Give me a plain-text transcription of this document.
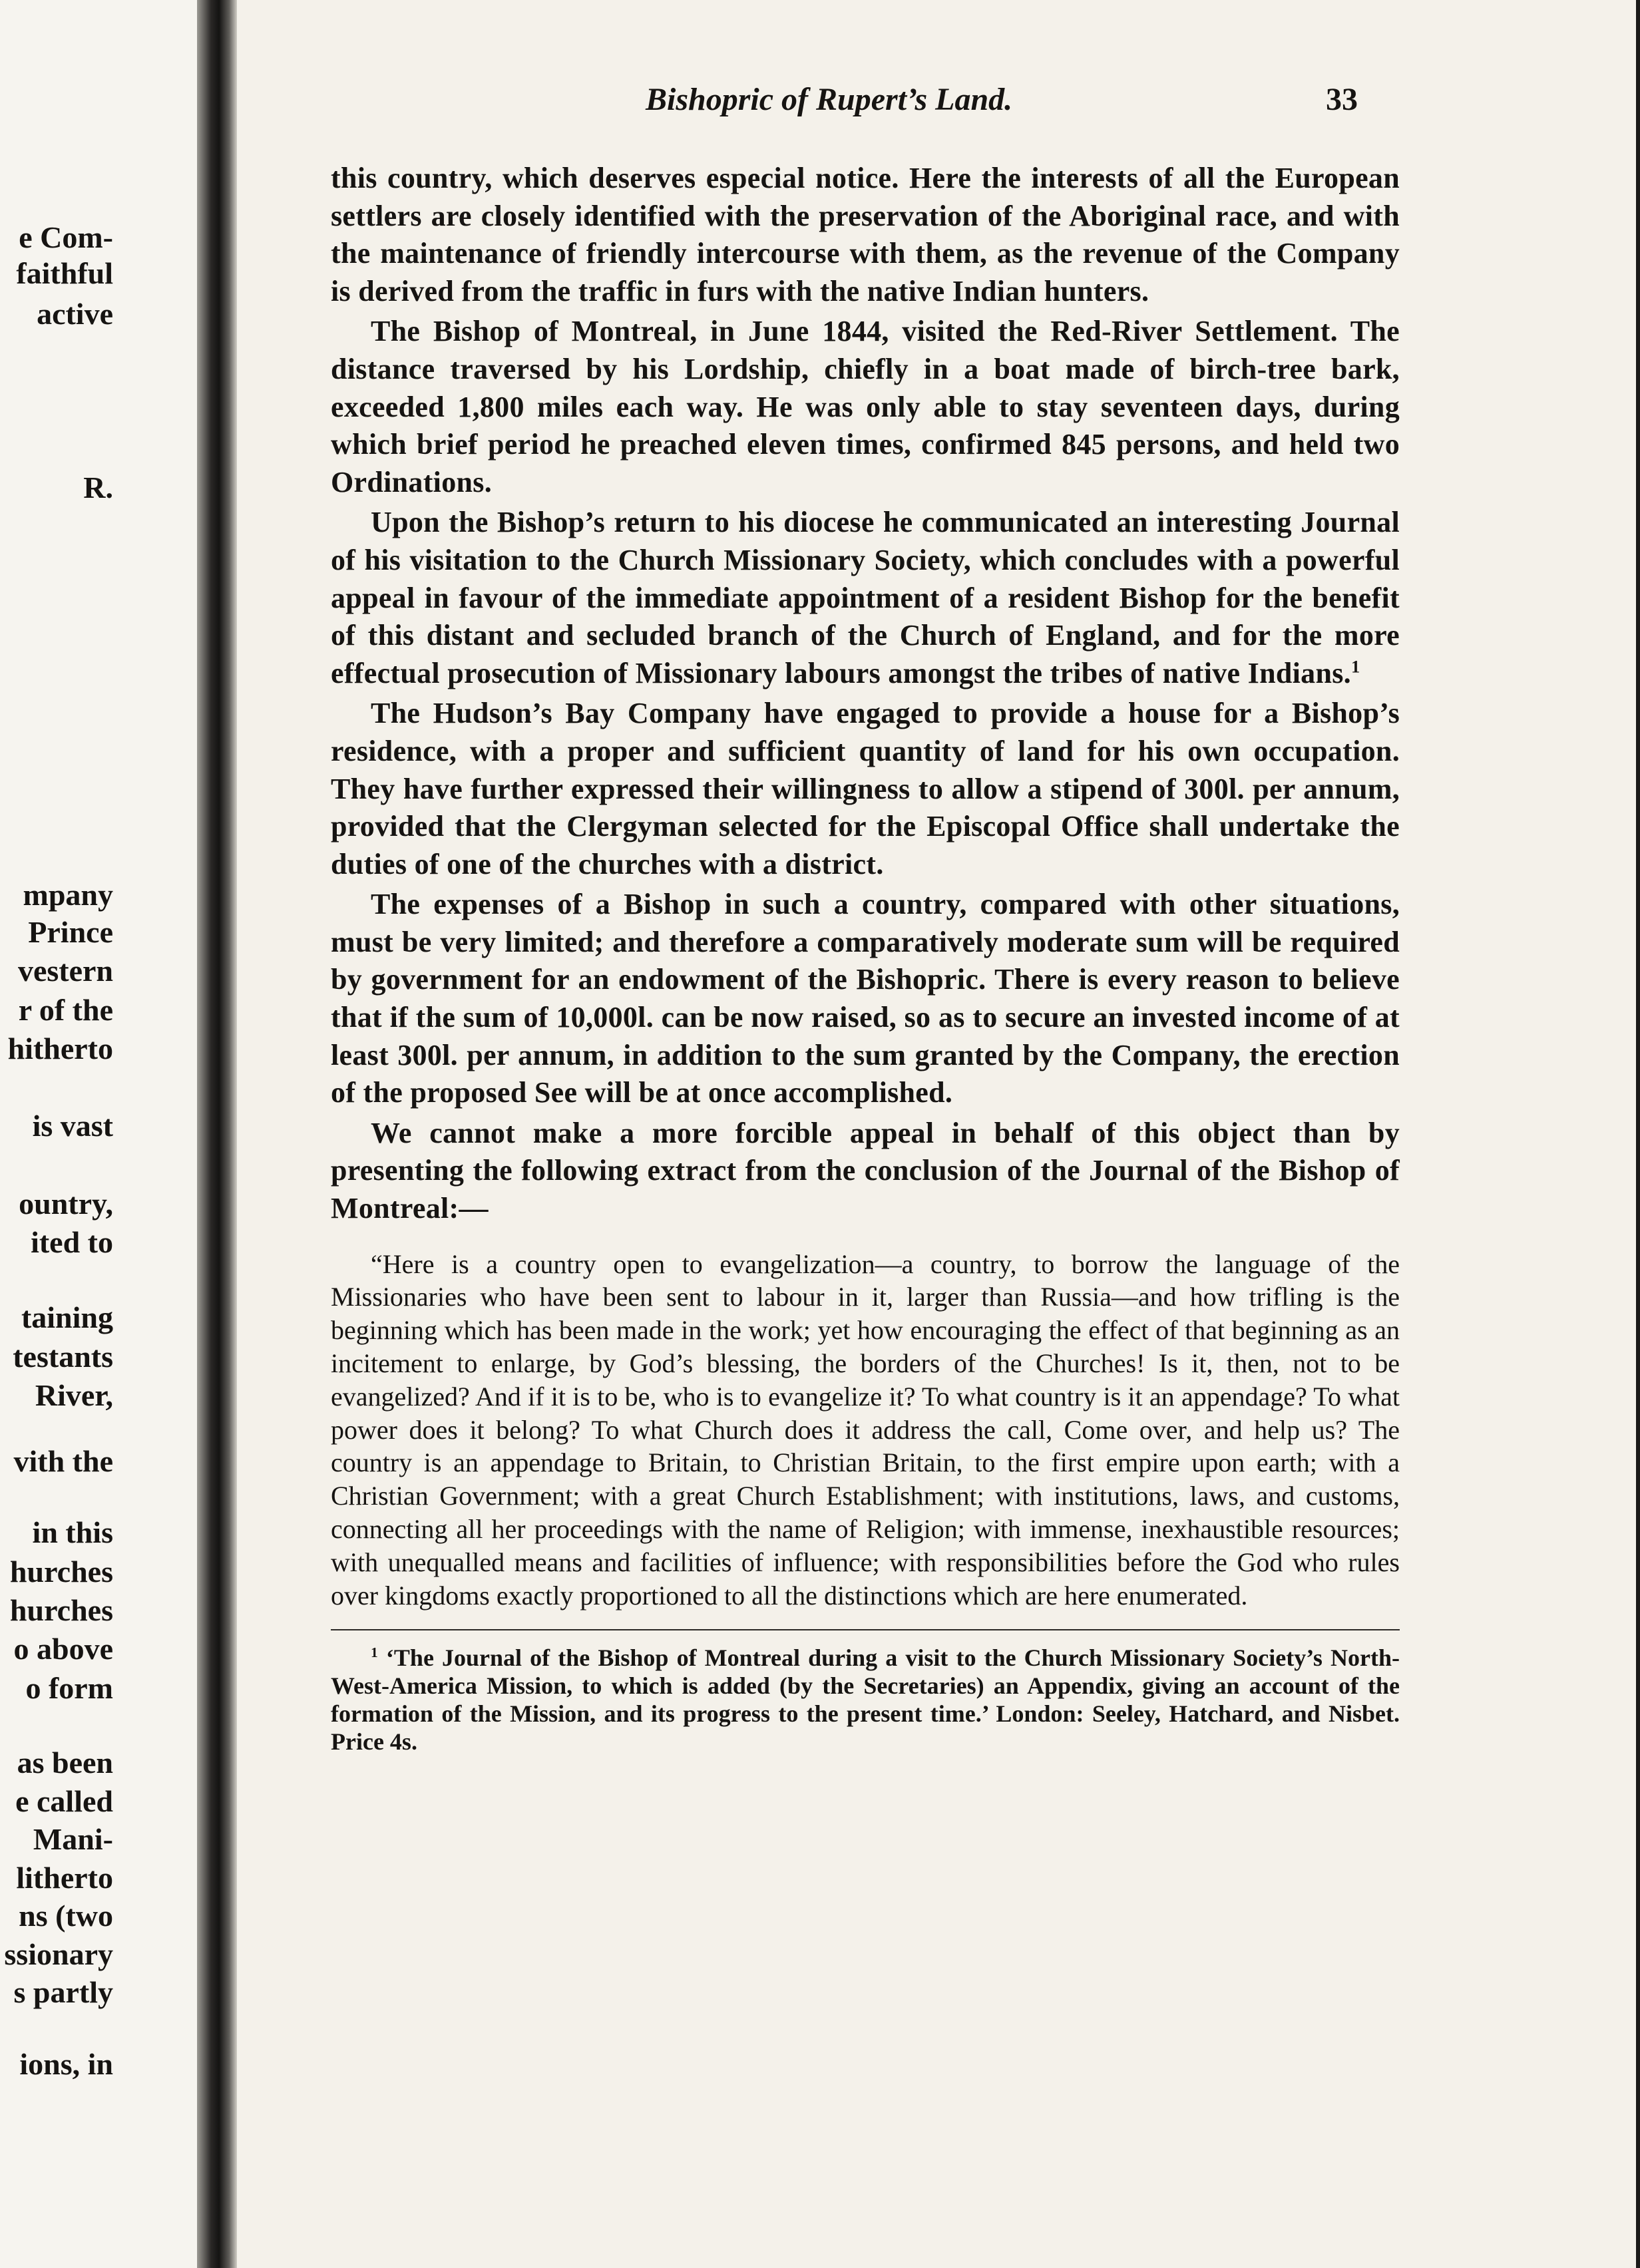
e Com-
faithful
active
R.
mpany
Prince
vestern
r of the
hitherto
is vast
ountry,
ited to
taining
testants
River,
vith the
in this
hurches
hurches
o above
o form
as been
e called
Mani-
litherto
ns (two
ssionary
s partly
ions, in
Bishopric of Rupert’s Land.	33

this country, which deserves especial notice. Here the interests of all the European settlers are closely identified with the preservation of the Aboriginal race, and with the maintenance of friendly intercourse with them, as the revenue of the Company is derived from the traffic in furs with the native Indian hunters.

The Bishop of Montreal, in June 1844, visited the Red-River Settlement. The distance traversed by his Lordship, chiefly in a boat made of birch-tree bark, exceeded 1,800 miles each way. He was only able to stay seventeen days, during which brief period he preached eleven times, confirmed 845 persons, and held two Ordinations.

Upon the Bishop’s return to his diocese he communicated an interesting Journal of his visitation to the Church Missionary Society, which concludes with a powerful appeal in favour of the immediate appointment of a resident Bishop for the benefit of this distant and secluded branch of the Church of England, and for the more effectual prosecution of Missionary labours amongst the tribes of native Indians.$^1$

The Hudson’s Bay Company have engaged to provide a house for a Bishop’s residence, with a proper and sufficient quantity of land for his own occupation. They have further expressed their willingness to allow a stipend of 300l. per annum, provided that the Clergyman selected for the Episcopal Office shall undertake the duties of one of the churches with a district.

The expenses of a Bishop in such a country, compared with other situations, must be very limited; and therefore a comparatively moderate sum will be required by government for an endowment of the Bishopric. There is every reason to believe that if the sum of 10,000l. can be now raised, so as to secure an invested income of at least 300l. per annum, in addition to the sum granted by the Company, the erection of the proposed See will be at once accomplished.

We cannot make a more forcible appeal in behalf of this object than by presenting the following extract from the conclusion of the Journal of the Bishop of Montreal:—

“Here is a country open to evangelization—a country, to borrow the language of the Missionaries who have been sent to labour in it, larger than Russia—and how trifling is the beginning which has been made in the work; yet how encouraging the effect of that beginning as an incitement to enlarge, by God’s blessing, the borders of the Churches! Is it, then, not to be evangelized? And if it is to be, who is to evangelize it? To what country is it an appendage? To what power does it belong? To what Church does it address the call, Come over, and help us? The country is an appendage to Britain, to Christian Britain, to the first empire upon earth; with a Christian Government; with a great Church Establishment; with institutions, laws, and customs, connecting all her proceedings with the name of Religion; with immense, inexhaustible resources; with unequalled means and facilities of influence; with responsibilities before the God who rules over kingdoms exactly proportioned to all the distinctions which are here enumerated.

$^1$ ‘The Journal of the Bishop of Montreal during a visit to the Church Missionary Society’s North-West-America Mission, to which is added (by the Secretaries) an Appendix, giving an account of the formation of the Mission, and its progress to the present time.’ London: Seeley, Hatchard, and Nisbet. Price 4s.
